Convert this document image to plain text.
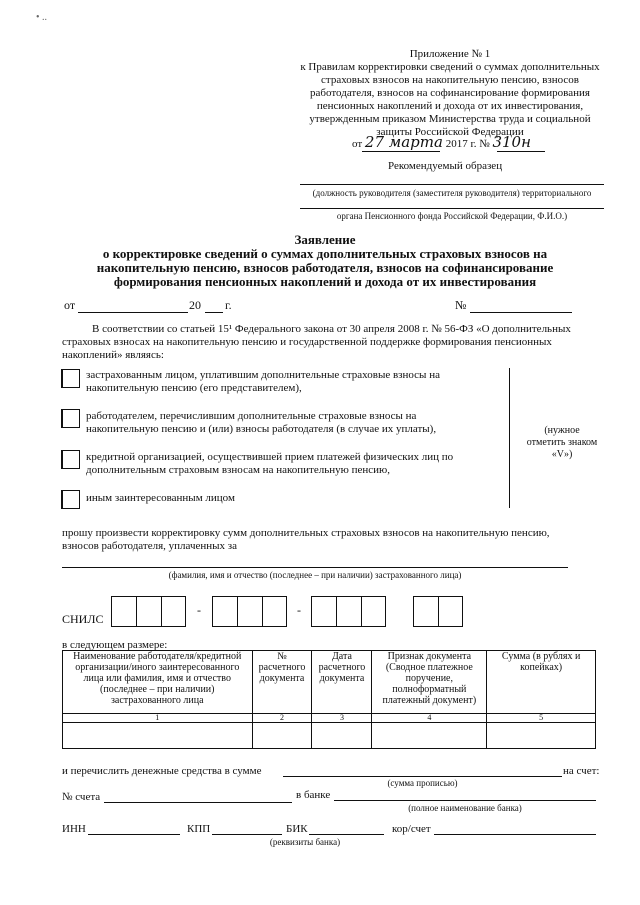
• ..
Приложение № 1
к Правилам корректировки сведений о суммах дополнительных
страховых взносов на накопительную пенсию, взносов
работодателя, взносов на софинансирование формирования
пенсионных накоплений и дохода от их инвестирования,
утвержденным приказом Министерства труда и социальной
защиты Российской Федерации
от 27 марта 2017 г. № 310н
Рекомендуемый образец
(должность руководителя (заместителя руководителя) территориального
органа Пенсионного фонда Российской Федерации, Ф.И.О.)
Заявление
о корректировке сведений о суммах дополнительных страховых взносов на
накопительную пенсию, взносов работодателя, взносов на софинансирование
формирования пенсионных накоплений и дохода от их инвестирования
от	20 г.	№
В соответствии со статьей 15¹ Федерального закона от 30 апреля 2008 г. № 56-ФЗ «О дополнительных
страховых взносах на накопительную пенсию и государственной поддержке формирования пенсионных
накоплений» являясь:
застрахованным лицом, уплатившим дополнительные страховые взносы на
накопительную пенсию (его представителем),
работодателем, перечислившим дополнительные страховые взносы на
накопительную пенсию и (или) взносы работодателя (в случае их уплаты),
кредитной организацией, осуществившей прием платежей физических лиц по
дополнительным страховым взносам на накопительную пенсию,
иным заинтересованным лицом
(нужное
отметить знаком
«V»)
прошу произвести корректировку сумм дополнительных страховых взносов на накопительную пенсию,
взносов работодателя, уплаченных за
(фамилия, имя и отчество (последнее – при наличии) застрахованного лица)
СНИЛС
-	-
в следующем размере:
Наименование работодателя/кредитной организации/иного заинтересованного лица или фамилия, имя и отчество (последнее – при наличии) застрахованного лица	№ расчетного документа	Дата расчетного документа	Признак документа (Сводное платежное поручение, полноформатный платежный документ)	Сумма (в рублях и копейках)
1	2	3	4	5

и перечислить денежные средства в сумме	на счет:
(сумма прописью)
№ счета	в банке
(полное наименование банка)
ИНН	КПП	БИК	кор/счет
(реквизиты банка)
